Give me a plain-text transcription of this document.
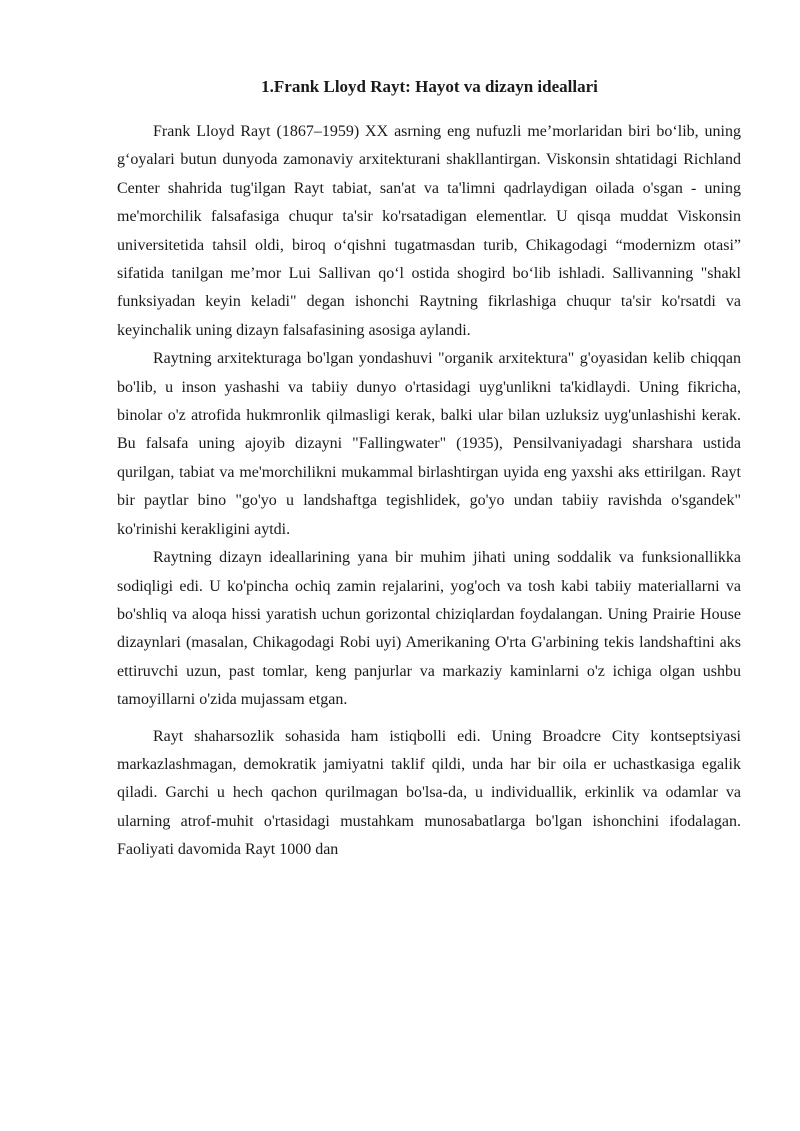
1.Frank Lloyd Rayt: Hayot va dizayn ideallari

Frank Lloyd Rayt (1867–1959) XX asrning eng nufuzli me’morlaridan biri bo‘lib, uning g‘oyalari butun dunyoda zamonaviy arxitekturani shakllantirgan. Viskonsin shtatidagi Richland Center shahrida tug'ilgan Rayt tabiat, san'at va ta'limni qadrlaydigan oilada o'sgan - uning me'morchilik falsafasiga chuqur ta'sir ko'rsatadigan elementlar. U qisqa muddat Viskonsin universitetida tahsil oldi, biroq o‘qishni tugatmasdan turib, Chikagodagi “modernizm otasi” sifatida tanilgan me’mor Lui Sallivan qo‘l ostida shogird bo‘lib ishladi. Sallivanning "shakl funksiyadan keyin keladi" degan ishonchi Raytning fikrlashiga chuqur ta'sir ko'rsatdi va keyinchalik uning dizayn falsafasining asosiga aylandi.

Raytning arxitekturaga bo'lgan yondashuvi "organik arxitektura" g'oyasidan kelib chiqqan bo'lib, u inson yashashi va tabiiy dunyo o'rtasidagi uyg'unlikni ta'kidlaydi. Uning fikricha, binolar o'z atrofida hukmronlik qilmasligi kerak, balki ular bilan uzluksiz uyg'unlashishi kerak. Bu falsafa uning ajoyib dizayni "Fallingwater" (1935), Pensilvaniyadagi sharshara ustida qurilgan, tabiat va me'morchilikni mukammal birlashtirgan uyida eng yaxshi aks ettirilgan. Rayt bir paytlar bino "go'yo u landshaftga tegishlidek, go'yo undan tabiiy ravishda o'sgandek" ko'rinishi kerakligini aytdi.

Raytning dizayn ideallarining yana bir muhim jihati uning soddalik va funksionallikka sodiqligi edi. U ko'pincha ochiq zamin rejalarini, yog'och va tosh kabi tabiiy materiallarni va bo'shliq va aloqa hissi yaratish uchun gorizontal chiziqlardan foydalangan. Uning Prairie House dizaynlari (masalan, Chikagodagi Robi uyi) Amerikaning O'rta G'arbining tekis landshaftini aks ettiruvchi uzun, past tomlar, keng panjurlar va markaziy kaminlarni o'z ichiga olgan ushbu tamoyillarni o'zida mujassam etgan.

Rayt shaharsozlik sohasida ham istiqbolli edi. Uning Broadcre City kontseptsiyasi markazlashmagan, demokratik jamiyatni taklif qildi, unda har bir oila er uchastkasiga egalik qiladi. Garchi u hech qachon qurilmagan bo'lsa-da, u individuallik, erkinlik va odamlar va ularning atrof-muhit o'rtasidagi mustahkam munosabatlarga bo'lgan ishonchini ifodalagan. Faoliyati davomida Rayt 1000 dan
